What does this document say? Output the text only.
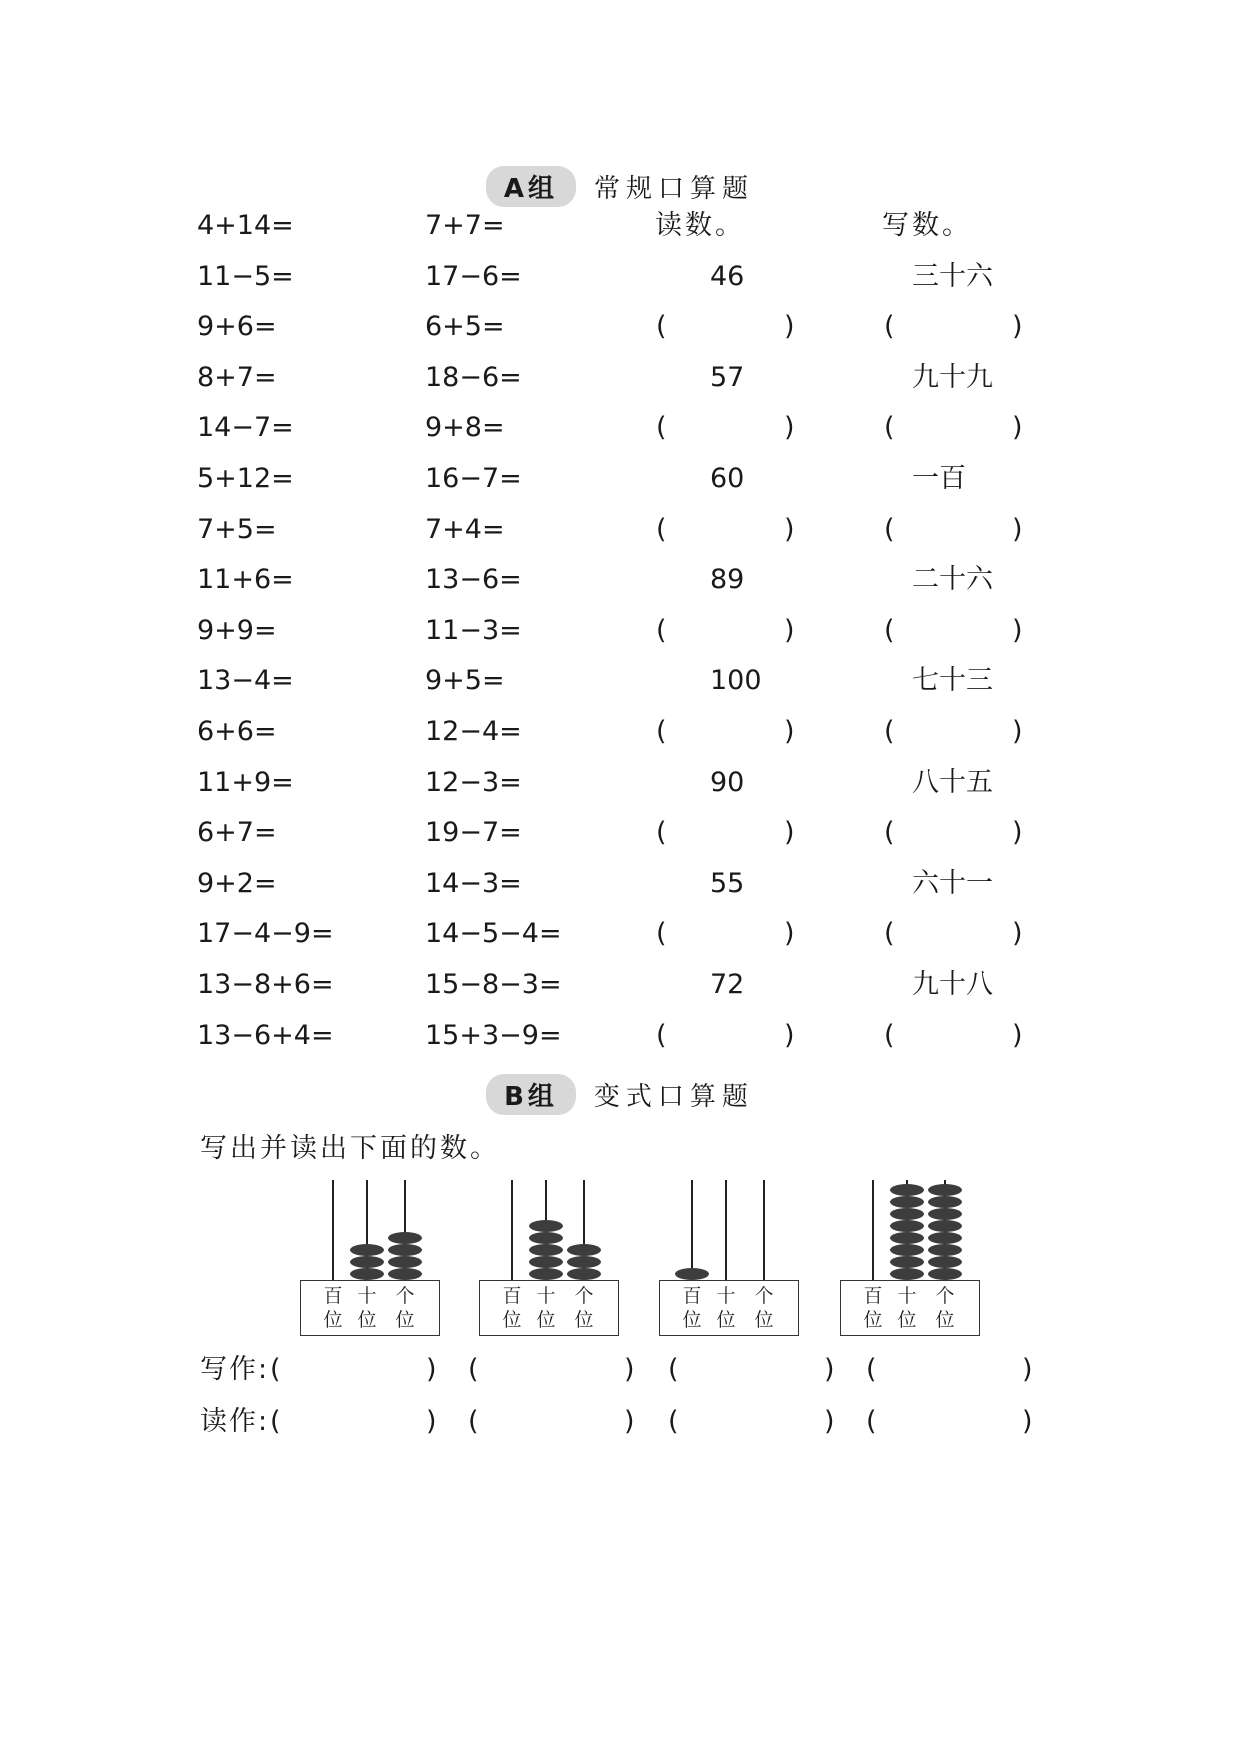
A组 常规口算题
读数。	写数。
4+14=	7+7=
11−5=	17−6=	46	三十六
9+6=	6+5=	(	)	(	)
8+7=	18−6=	57	九十九
14−7=	9+8=	(	)	(	)
5+12=	16−7=	60	一百
7+5=	7+4=	(	)	(	)
11+6=	13−6=	89	二十六
9+9=	11−3=	(	)	(	)
13−4=	9+5=	100	七十三
6+6=	12−4=	(	)	(	)
11+9=	12−3=	90	八十五
6+7=	19−7=	(	)	(	)
9+2=	14−3=	55	六十一
17−4−9=	14−5−4=	(	)	(	)
13−8+6=	15−8−3=	72	九十八
13−6+4=	15+3−9=	(	)	(	)
B组 变式口算题
写出并读出下面的数。
百
位
十
位
个
位
百
位
十
位
个
位
百
位
十
位
个
位
百
位
十
位
个
位
写作:
读作:
(	) (	) (	) (	)
(	) (	) (	) (	)
